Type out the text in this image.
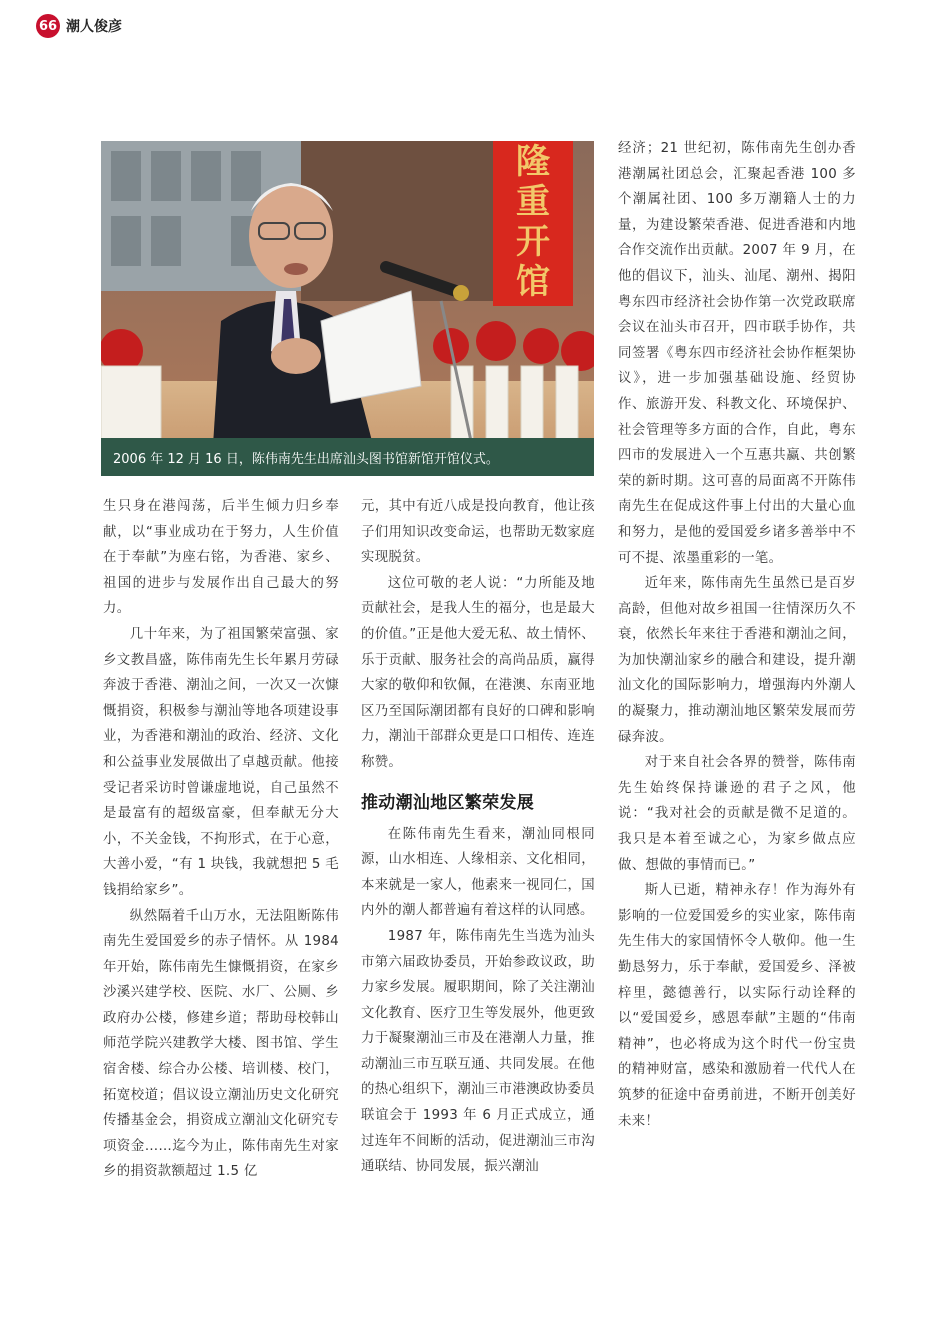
66 潮人俊彦
隆
重
开
馆
2006 年 12 月 16 日，陈伟南先生出席汕头图书馆新馆开馆仪式。

生只身在港闯荡，后半生倾力归乡奉献，以“事业成功在于努力，人生价值在于奉献”为座右铭，为香港、家乡、祖国的进步与发展作出自己最大的努力。

几十年来，为了祖国繁荣富强、家乡文教昌盛，陈伟南先生长年累月劳碌奔波于香港、潮汕之间，一次又一次慷慨捐资，积极参与潮汕等地各项建设事业，为香港和潮汕的政治、经济、文化和公益事业发展做出了卓越贡献。他接受记者采访时曾谦虚地说，自己虽然不是最富有的超级富豪，但奉献无分大小，不关金钱，不拘形式，在于心意，大善小爱，“有 1 块钱，我就想把 5 毛钱捐给家乡”。

纵然隔着千山万水，无法阻断陈伟南先生爱国爱乡的赤子情怀。从 1984 年开始，陈伟南先生慷慨捐资，在家乡沙溪兴建学校、医院、水厂、公厕、乡政府办公楼，修建乡道；帮助母校韩山师范学院兴建教学大楼、图书馆、学生宿舍楼、综合办公楼、培训楼、校门，拓宽校道；倡议设立潮汕历史文化研究传播基金会，捐资成立潮汕文化研究专项资金……迄今为止，陈伟南先生对家乡的捐资款额超过 1.5 亿

元，其中有近八成是投向教育，他让孩子们用知识改变命运，也帮助无数家庭实现脱贫。

这位可敬的老人说：“力所能及地贡献社会，是我人生的福分，也是最大的价值。”正是他大爱无私、故土情怀、乐于贡献、服务社会的高尚品质，赢得大家的敬仰和钦佩，在港澳、东南亚地区乃至国际潮团都有良好的口碑和影响力，潮汕干部群众更是口口相传、连连称赞。

推动潮汕地区繁荣发展

在陈伟南先生看来，潮汕同根同源，山水相连、人缘相亲、文化相同，本来就是一家人，他素来一视同仁，国内外的潮人都普遍有着这样的认同感。

1987 年，陈伟南先生当选为汕头市第六届政协委员，开始参政议政，助力家乡发展。履职期间，除了关注潮汕文化教育、医疗卫生等发展外，他更致力于凝聚潮汕三市及在港潮人力量，推动潮汕三市互联互通、共同发展。在他的热心组织下，潮汕三市港澳政协委员联谊会于 1993 年 6 月正式成立，通过连年不间断的活动，促进潮汕三市沟通联结、协同发展，振兴潮汕

经济；21 世纪初，陈伟南先生创办香港潮属社团总会，汇聚起香港 100 多个潮属社团、100 多万潮籍人士的力量，为建设繁荣香港、促进香港和内地合作交流作出贡献。2007 年 9 月，在他的倡议下，汕头、汕尾、潮州、揭阳粤东四市经济社会协作第一次党政联席会议在汕头市召开，四市联手协作，共同签署《粤东四市经济社会协作框架协议》，进一步加强基础设施、经贸协作、旅游开发、科教文化、环境保护、社会管理等多方面的合作，自此，粤东四市的发展进入一个互惠共赢、共创繁荣的新时期。这可喜的局面离不开陈伟南先生在促成这件事上付出的大量心血和努力，是他的爱国爱乡诸多善举中不可不提、浓墨重彩的一笔。

近年来，陈伟南先生虽然已是百岁高龄，但他对故乡祖国一往情深历久不衰，依然长年来往于香港和潮汕之间，为加快潮汕家乡的融合和建设，提升潮汕文化的国际影响力，增强海内外潮人的凝聚力，推动潮汕地区繁荣发展而劳碌奔波。

对于来自社会各界的赞誉，陈伟南先生始终保持谦逊的君子之风，他说：“我对社会的贡献是微不足道的。我只是本着至诚之心，为家乡做点应做、想做的事情而已。”

斯人已逝，精神永存！作为海外有影响的一位爱国爱乡的实业家，陈伟南先生伟大的家国情怀令人敬仰。他一生勤恳努力，乐于奉献，爱国爱乡、泽被梓里，懿德善行，以实际行动诠释的以“爱国爱乡，感恩奉献”主题的“伟南精神”，也必将成为这个时代一份宝贵的精神财富，感染和激励着一代代人在筑梦的征途中奋勇前进，不断开创美好未来！
